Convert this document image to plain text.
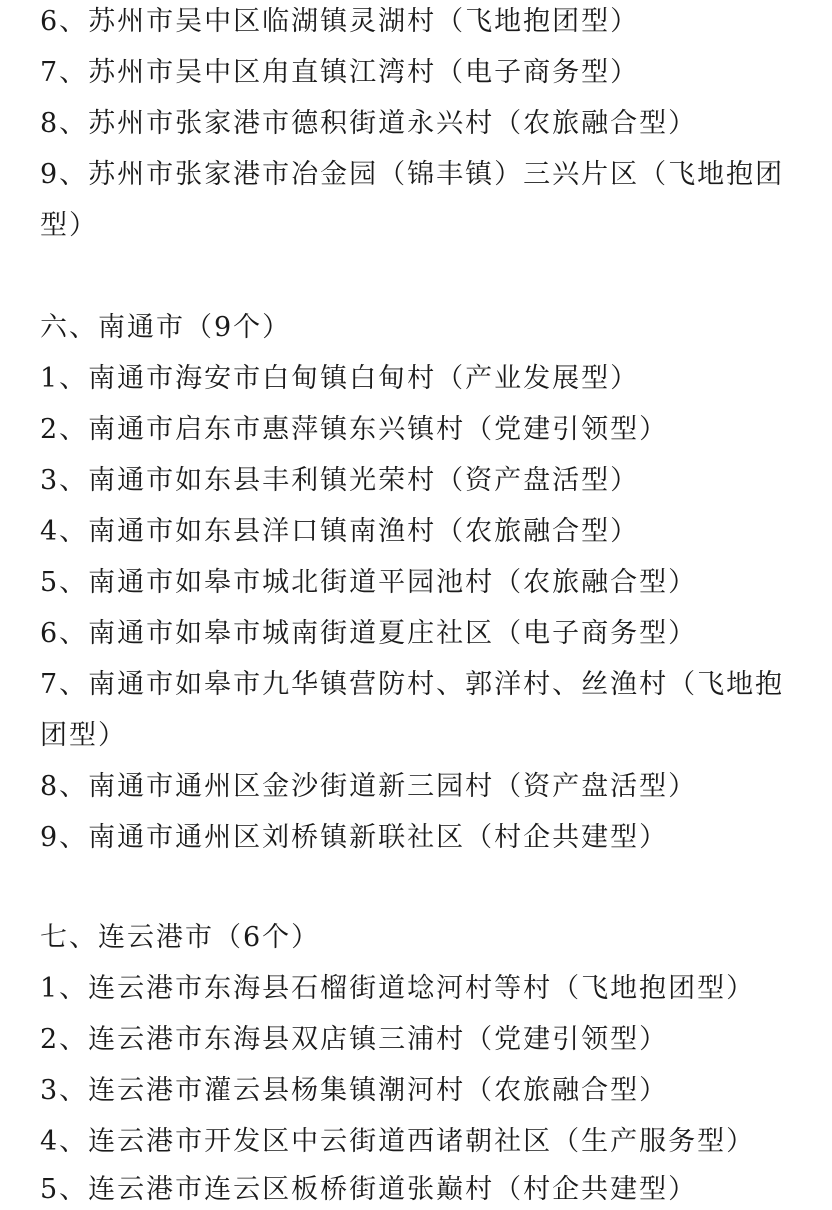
6、苏州市吴中区临湖镇灵湖村（飞地抱团型）
7、苏州市吴中区甪直镇江湾村（电子商务型）
8、苏州市张家港市德积街道永兴村（农旅融合型）
9、苏州市张家港市冶金园（锦丰镇）三兴片区（飞地抱团
型）
六、南通市（9个）
1、南通市海安市白甸镇白甸村（产业发展型）
2、南通市启东市惠萍镇东兴镇村（党建引领型）
3、南通市如东县丰利镇光荣村（资产盘活型）
4、南通市如东县洋口镇南渔村（农旅融合型）
5、南通市如皋市城北街道平园池村（农旅融合型）
6、南通市如皋市城南街道夏庄社区（电子商务型）
7、南通市如皋市九华镇营防村、郭洋村、丝渔村（飞地抱
团型）
8、南通市通州区金沙街道新三园村（资产盘活型）
9、南通市通州区刘桥镇新联社区（村企共建型）
七、连云港市（6个）
1、连云港市东海县石榴街道埝河村等村（飞地抱团型）
2、连云港市东海县双店镇三浦村（党建引领型）
3、连云港市灌云县杨集镇潮河村（农旅融合型）
4、连云港市开发区中云街道西诸朝社区（生产服务型）
5、连云港市连云区板桥街道张巅村（村企共建型）
